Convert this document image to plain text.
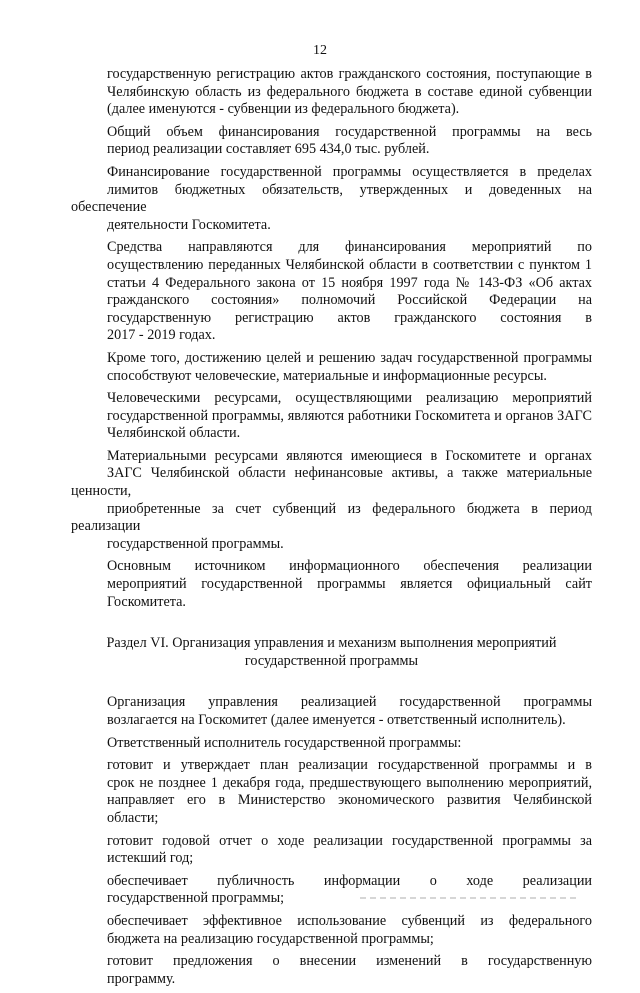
12

государственную регистрацию актов гражданского состояния, поступающие в
Челябинскую область из федерального бюджета в составе единой субвенции
(далее именуются - субвенции из федерального бюджета).

Общий объем финансирования государственной программы на весь
период реализации составляет 695 434,0 тыс. рублей.

Финансирование государственной программы осуществляется в пределах
лимитов бюджетных обязательств, утвержденных и доведенных на обеспечение
деятельности Госкомитета.

Средства направляются для финансирования мероприятий по
осуществлению переданных Челябинской области в соответствии с пунктом 1
статьи 4 Федерального закона от 15 ноября 1997 года № 143-ФЗ «Об актах
гражданского состояния» полномочий Российской Федерации на
государственную регистрацию актов гражданского состояния в
2017 - 2019 годах.

Кроме того, достижению целей и решению задач государственной программы
способствуют человеческие, материальные и информационные ресурсы.

Человеческими ресурсами, осуществляющими реализацию мероприятий
государственной программы, являются работники Госкомитета и органов ЗАГС
Челябинской области.

Материальными ресурсами являются имеющиеся в Госкомитете и органах
ЗАГС Челябинской области нефинансовые активы, а также материальные ценности,
приобретенные за счет субвенций из федерального бюджета в период реализации
государственной программы.

Основным источником информационного обеспечения реализации
мероприятий государственной программы является официальный сайт
Госкомитета.

Раздел VI. Организация управления и механизм выполнения мероприятий
государственной программы

Организация управления реализацией государственной программы
возлагается на Госкомитет (далее именуется - ответственный исполнитель).

Ответственный исполнитель государственной программы:

готовит и утверждает план реализации государственной программы и в
срок не позднее 1 декабря года, предшествующего выполнению мероприятий,
направляет его в Министерство экономического развития Челябинской
области;

готовит годовой отчет о ходе реализации государственной программы за
истекший год;

обеспечивает публичность информации о ходе реализации
государственной программы;

обеспечивает эффективное использование субвенций из федерального
бюджета на реализацию государственной программы;

готовит предложения о внесении изменений в государственную
программу.
